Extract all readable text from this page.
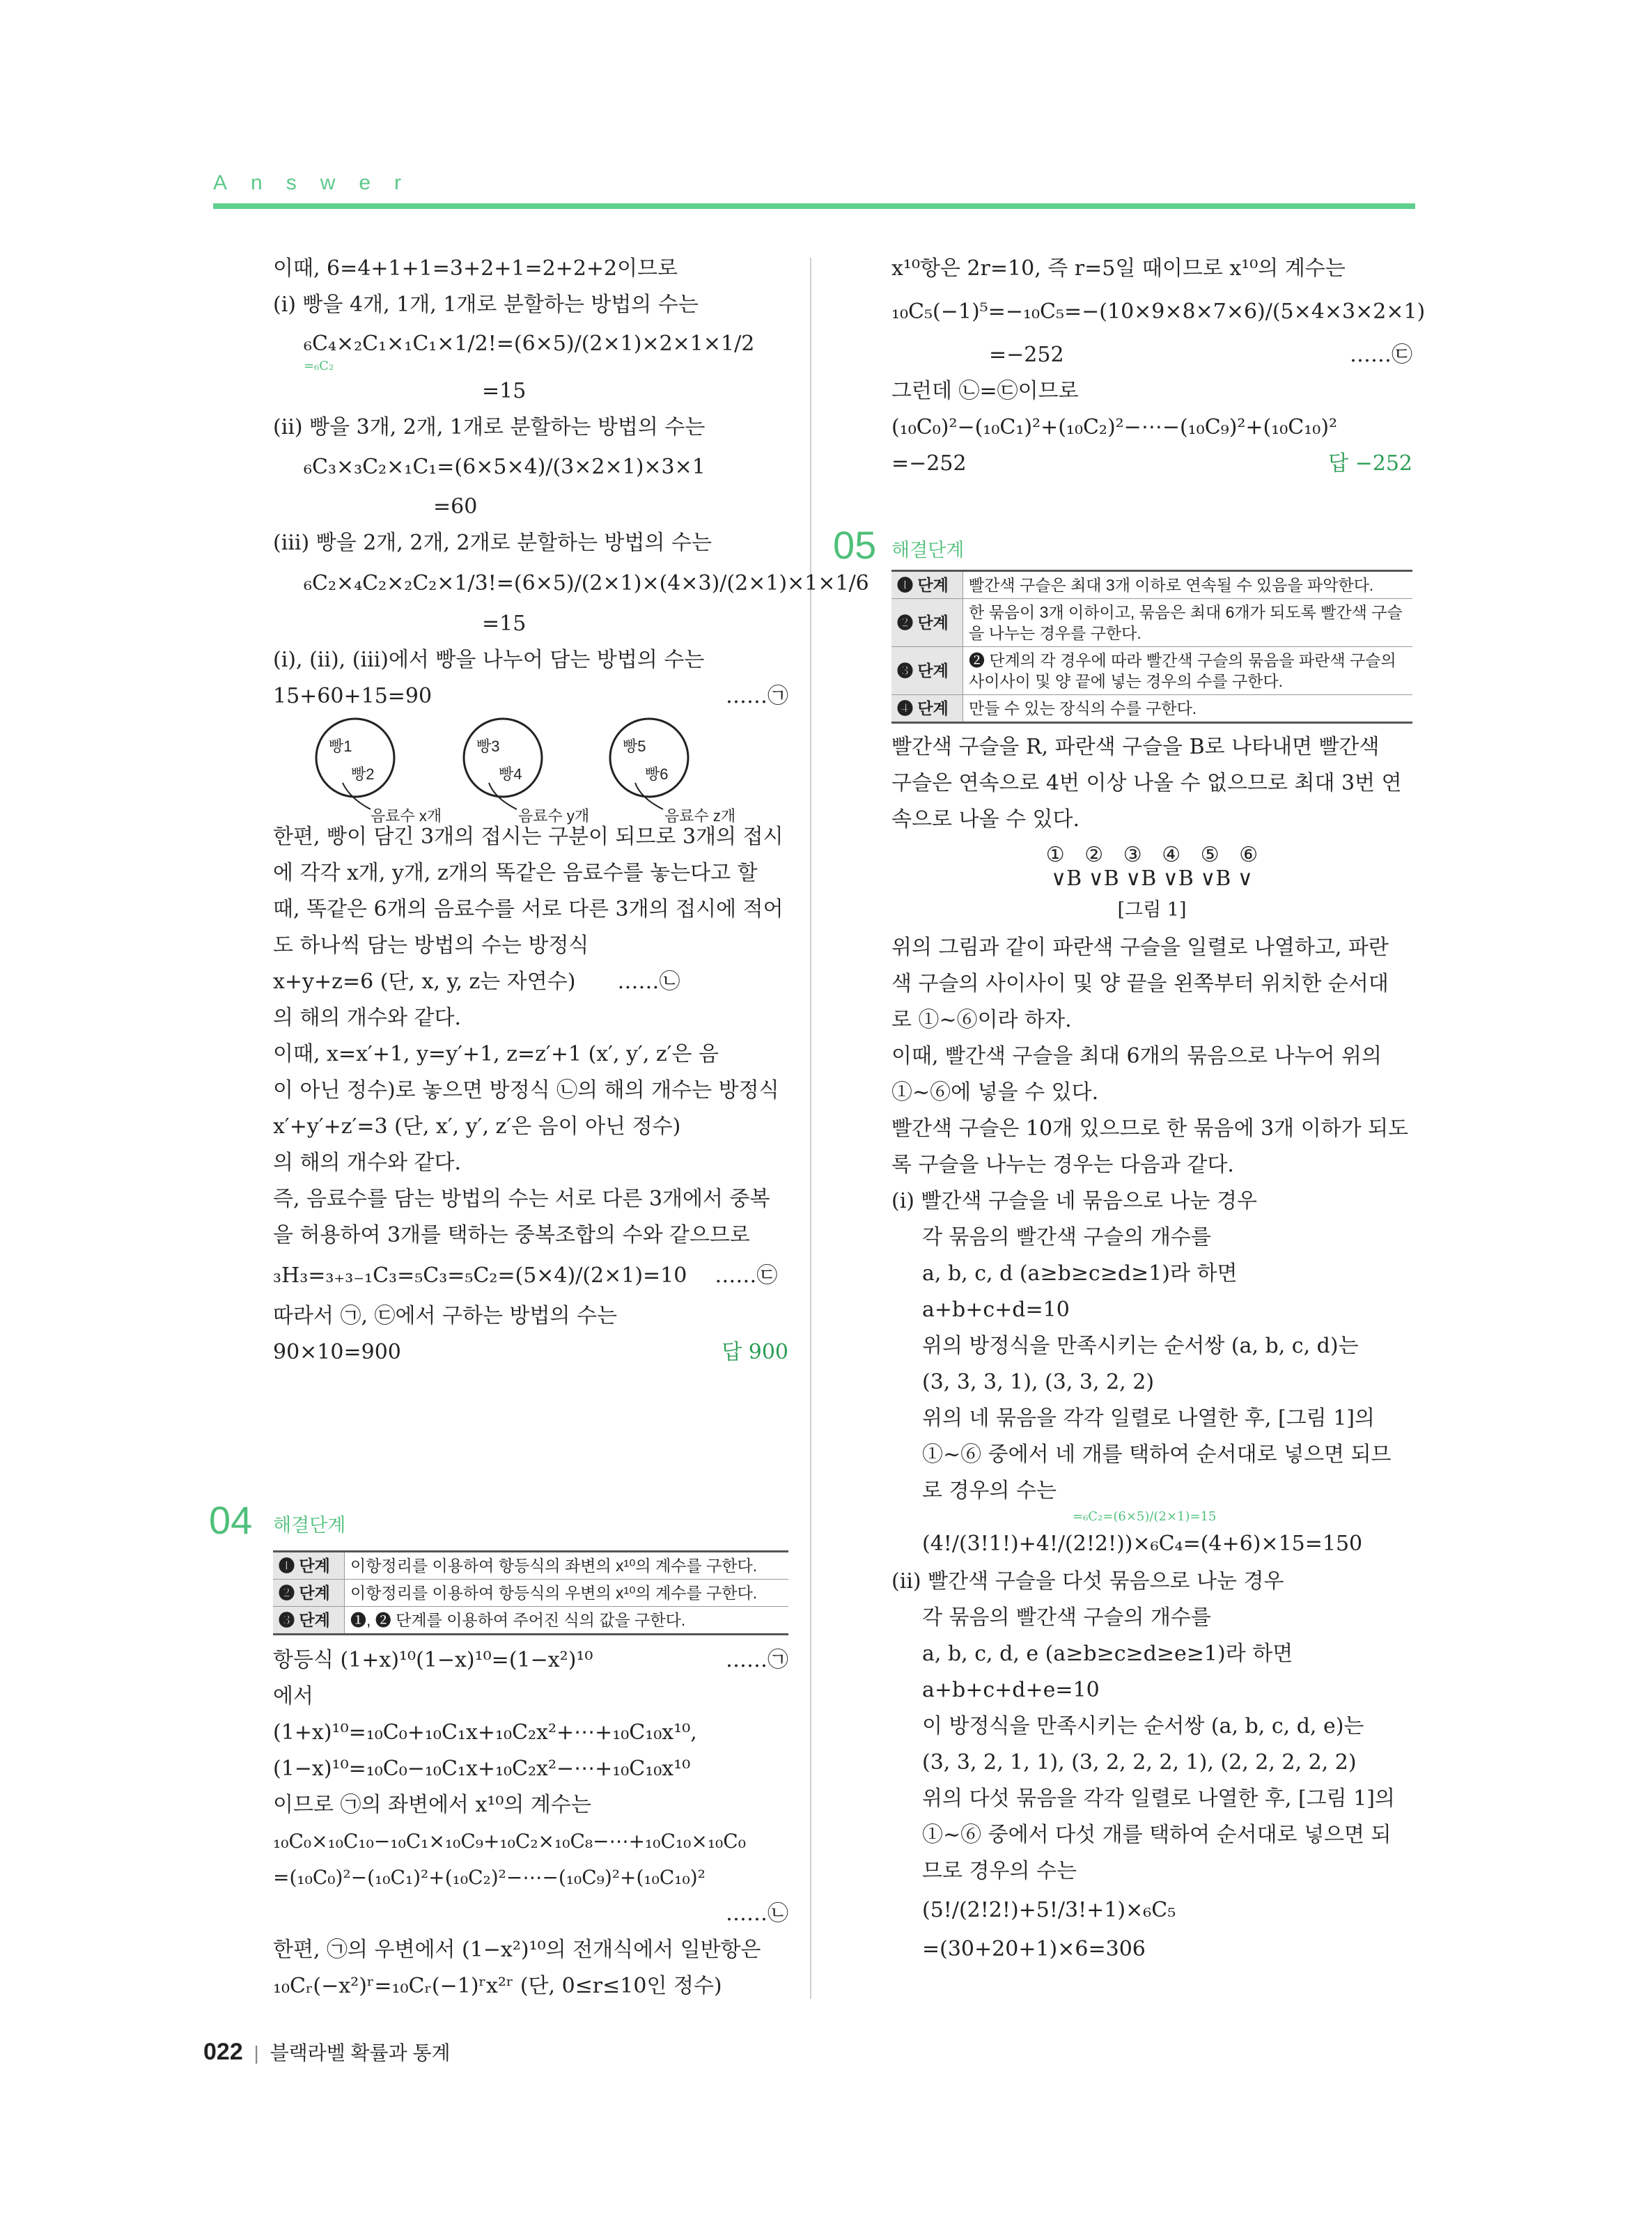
Answer
이때, 6=4+1+1=3+2+1=2+2+2이므로
(ⅰ) 빵을 4개, 1개, 1개로 분할하는 방법의 수는
₆C₄×₂C₁×₁C₁×1/2!=(6×5)/(2×1)×2×1×1/2
=₆C₂
=15
(ⅱ) 빵을 3개, 2개, 1개로 분할하는 방법의 수는
₆C₃×₃C₂×₁C₁=(6×5×4)/(3×2×1)×3×1
=60
(ⅲ) 빵을 2개, 2개, 2개로 분할하는 방법의 수는
₆C₂×₄C₂×₂C₂×1/3!=(6×5)/(2×1)×(4×3)/(2×1)×1×1/6
=15
(ⅰ), (ⅱ), (ⅲ)에서 빵을 나누어 담는 방법의 수는
15+60+15=90	……㉠
빵1
빵2
음료수 x개
빵3
빵4
음료수 y개
빵5
빵6
음료수 z개
한편, 빵이 담긴 3개의 접시는 구분이 되므로 3개의 접시
에 각각 x개, y개, z개의 똑같은 음료수를 놓는다고 할
때, 똑같은 6개의 음료수를 서로 다른 3개의 접시에 적어
도 하나씩 담는 방법의 수는 방정식
x+y+z=6 (단, x, y, z는 자연수) ……㉡
의 해의 개수와 같다.
이때, x=x′+1, y=y′+1, z=z′+1 (x′, y′, z′은 음
이 아닌 정수)로 놓으면 방정식 ㉡의 해의 개수는 방정식
x′+y′+z′=3 (단, x′, y′, z′은 음이 아닌 정수)
의 해의 개수와 같다.
즉, 음료수를 담는 방법의 수는 서로 다른 3개에서 중복
을 허용하여 3개를 택하는 중복조합의 수와 같으므로
₃H₃=₃₊₃₋₁C₃=₅C₃=₅C₂=(5×4)/(2×1)=10 ……㉢
따라서 ㉠, ㉢에서 구하는 방법의 수는
90×10=900	답 900
04 해결단계
❶ 단계	이항정리를 이용하여 항등식의 좌변의 x¹⁰의 계수를 구한다.
❷ 단계	이항정리를 이용하여 항등식의 우변의 x¹⁰의 계수를 구한다.
❸ 단계	❶, ❷ 단계를 이용하여 주어진 식의 값을 구한다.
항등식 (1+x)¹⁰(1−x)¹⁰=(1−x²)¹⁰	……㉠
에서
(1+x)¹⁰=₁₀C₀+₁₀C₁x+₁₀C₂x²+⋯+₁₀C₁₀x¹⁰,
(1−x)¹⁰=₁₀C₀−₁₀C₁x+₁₀C₂x²−⋯+₁₀C₁₀x¹⁰
이므로 ㉠의 좌변에서 x¹⁰의 계수는
₁₀C₀×₁₀C₁₀−₁₀C₁×₁₀C₉+₁₀C₂×₁₀C₈−⋯+₁₀C₁₀×₁₀C₀
=(₁₀C₀)²−(₁₀C₁)²+(₁₀C₂)²−⋯−(₁₀C₉)²+(₁₀C₁₀)²
……㉡
한편, ㉠의 우변에서 (1−x²)¹⁰의 전개식에서 일반항은
₁₀Cᵣ(−x²)ʳ=₁₀Cᵣ(−1)ʳx²ʳ (단, 0≤r≤10인 정수)
x¹⁰항은 2r=10, 즉 r=5일 때이므로 x¹⁰의 계수는
₁₀C₅(−1)⁵=−₁₀C₅=−(10×9×8×7×6)/(5×4×3×2×1)
=−252	……㉢
그런데 ㉡=㉢이므로
(₁₀C₀)²−(₁₀C₁)²+(₁₀C₂)²−⋯−(₁₀C₉)²+(₁₀C₁₀)²
=−252	답 −252
05 해결단계
❶ 단계	빨간색 구슬은 최대 3개 이하로 연속될 수 있음을 파악한다.
❷ 단계	한 묶음이 3개 이하이고, 묶음은 최대 6개가 되도록 빨간색 구슬을 나누는 경우를 구한다.
❸ 단계	❷ 단계의 각 경우에 따라 빨간색 구슬의 묶음을 파란색 구슬의 사이사이 및 양 끝에 넣는 경우의 수를 구한다.
❹ 단계	만들 수 있는 장식의 수를 구한다.
빨간색 구슬을 R, 파란색 구슬을 B로 나타내면 빨간색
구슬은 연속으로 4번 이상 나올 수 없으므로 최대 3번 연
속으로 나올 수 있다.
①   ②   ③   ④   ⑤   ⑥
∨B ∨B ∨B ∨B ∨B ∨
[그림 1]
위의 그림과 같이 파란색 구슬을 일렬로 나열하고, 파란
색 구슬의 사이사이 및 양 끝을 왼쪽부터 위치한 순서대
로 ①~⑥이라 하자.
이때, 빨간색 구슬을 최대 6개의 묶음으로 나누어 위의
①~⑥에 넣을 수 있다.
빨간색 구슬은 10개 있으므로 한 묶음에 3개 이하가 되도
록 구슬을 나누는 경우는 다음과 같다.
(ⅰ) 빨간색 구슬을 네 묶음으로 나눈 경우
각 묶음의 빨간색 구슬의 개수를
a, b, c, d (a≥b≥c≥d≥1)라 하면
a+b+c+d=10
위의 방정식을 만족시키는 순서쌍 (a, b, c, d)는
(3, 3, 3, 1), (3, 3, 2, 2)
위의 네 묶음을 각각 일렬로 나열한 후, [그림 1]의
①~⑥ 중에서 네 개를 택하여 순서대로 넣으면 되므
로 경우의 수는
=₆C₂=(6×5)/(2×1)=15
(4!/(3!1!)+4!/(2!2!))×₆C₄=(4+6)×15=150
(ⅱ) 빨간색 구슬을 다섯 묶음으로 나눈 경우
각 묶음의 빨간색 구슬의 개수를
a, b, c, d, e (a≥b≥c≥d≥e≥1)라 하면
a+b+c+d+e=10
이 방정식을 만족시키는 순서쌍 (a, b, c, d, e)는
(3, 3, 2, 1, 1), (3, 2, 2, 2, 1), (2, 2, 2, 2, 2)
위의 다섯 묶음을 각각 일렬로 나열한 후, [그림 1]의
①~⑥ 중에서 다섯 개를 택하여 순서대로 넣으면 되
므로 경우의 수는
(5!/(2!2!)+5!/3!+1)×₆C₅
=(30+20+1)×6=306
022 | 블랙라벨 확률과 통계
